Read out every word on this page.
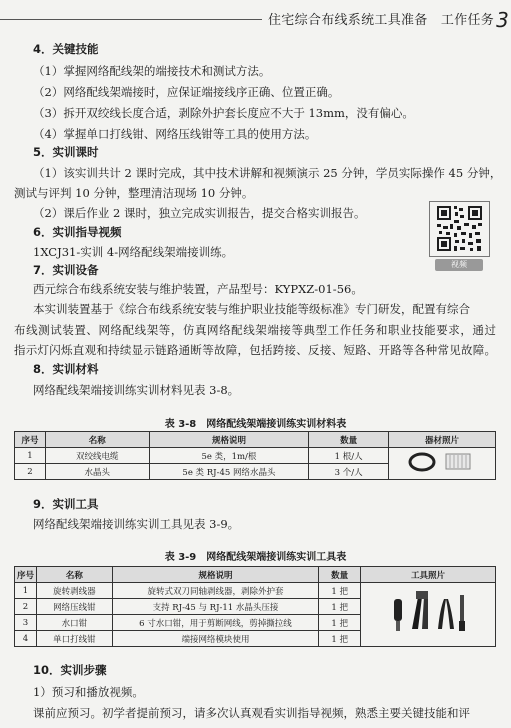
住宅综合布线系统工具准备　工作任务 3
4．关键技能
（1）掌握网络配线架的端接技术和测试方法。
（2）网络配线架端接时，应保证端接线序正确、位置正确。
（3）拆开双绞线长度合适，剥除外护套长度应不大于 13mm，没有偏心。
（4）掌握单口打线钳、网络压线钳等工具的使用方法。
5．实训课时
（1）该实训共计 2 课时完成，其中技术讲解和视频演示 25 分钟，学员实际操作 45 分钟，
测试与评判 10 分钟，整理清洁现场 10 分钟。
（2）课后作业 2 课时，独立完成实训报告，提交合格实训报告。
6．实训指导视频
1XCJ31-实训 4-网络配线架端接训练。
视频
7．实训设备
西元综合布线系统安装与维护装置，产品型号：KYPXZ-01-56。
本实训装置基于《综合布线系统安装与维护职业技能等级标准》专门研发，配置有综合
布线测试装置、网络配线架等，仿真网络配线架端接等典型工作任务和职业技能要求，通过
指示灯闪烁直观和持续显示链路通断等故障，包括跨接、反接、短路、开路等各种常见故障。
8．实训材料
网络配线架端接训练实训材料见表 3-8。
表 3-8　网络配线架端接训练实训材料表
序号	名称	规格说明	数量	器材照片
1	双绞线电缆	5e 类，1m/根	1 根/人	
2	水晶头	5e 类 RJ-45 网络水晶头	3 个/人	
9．实训工具
网络配线架端接训练实训工具见表 3-9。
表 3-9　网络配线架端接训练实训工具表
序号	名称	规格说明	数量	工具照片
1	旋转剥线器	旋转式双刀同轴剥线器，剥除外护套	1 把	
2	网络压线钳	支持 RJ-45 与 RJ-11 水晶头压接	1 把	
3	水口钳	6 寸水口钳，用于剪断网线，剪掉撕拉线	1 把	
4	单口打线钳	端接网络模块使用	1 把	
10．实训步骤
1）预习和播放视频。
课前应预习。初学者提前预习，请多次认真观看实训指导视频，熟悉主要关键技能和评
